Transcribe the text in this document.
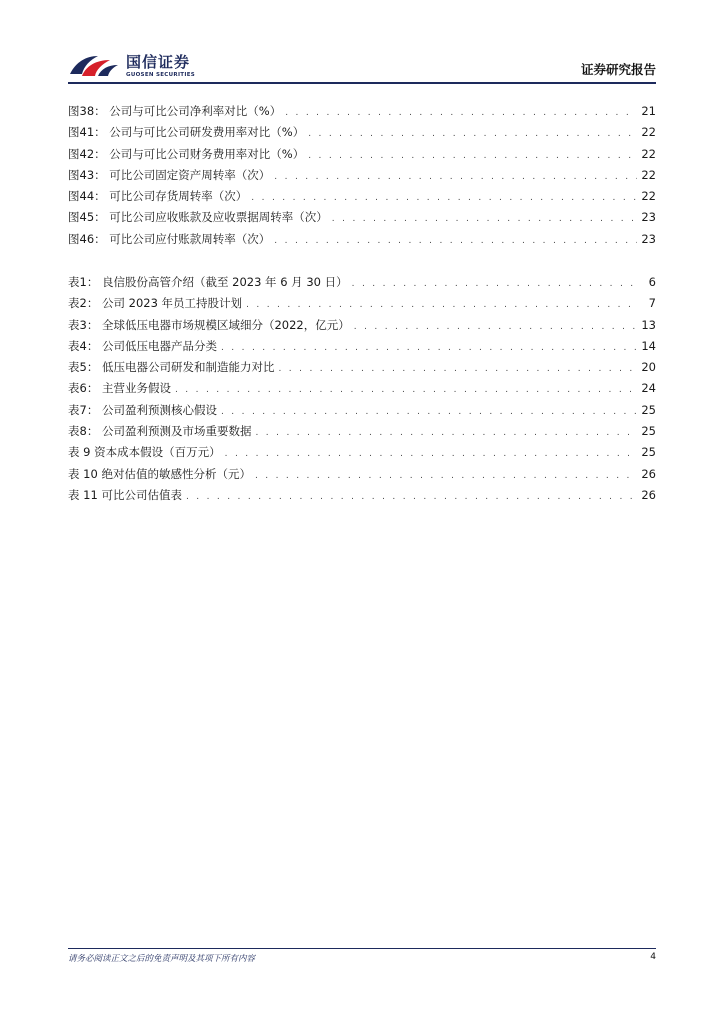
国信证券
GUOSEN SECURITIES	证券研究报告
图38： 公司与可比公司净利率对比（%） . . .	21
图41： 公司与可比公司研发费用率对比（%） . . .	22
图42： 公司与可比公司财务费用率对比（%） . . .	22
图43： 可比公司固定资产周转率（次） . . .	22
图44： 可比公司存货周转率（次） . . .	22
图45： 可比公司应收账款及应收票据周转率（次） . . .	23
图46： 可比公司应付账款周转率（次） . . .	23
表1： 良信股份高管介绍（截至 2023 年 6 月 30 日） . . .	6
表2： 公司 2023 年员工持股计划 . . .	7
表3： 全球低压电器市场规模区域细分（2022，亿元） . . .	13
表4： 公司低压电器产品分类 . . .	14
表5： 低压电器公司研发和制造能力对比 . . .	20
表6： 主营业务假设 . . .	24
表7： 公司盈利预测核心假设 . . .	25
表8： 公司盈利预测及市场重要数据 . . .	25
表 9 资本成本假设（百万元） . . .	25
表 10 绝对估值的敏感性分析（元） . . .	26
表 11 可比公司估值表 . . .	26
请务必阅读正文之后的免责声明及其项下所有内容	4
